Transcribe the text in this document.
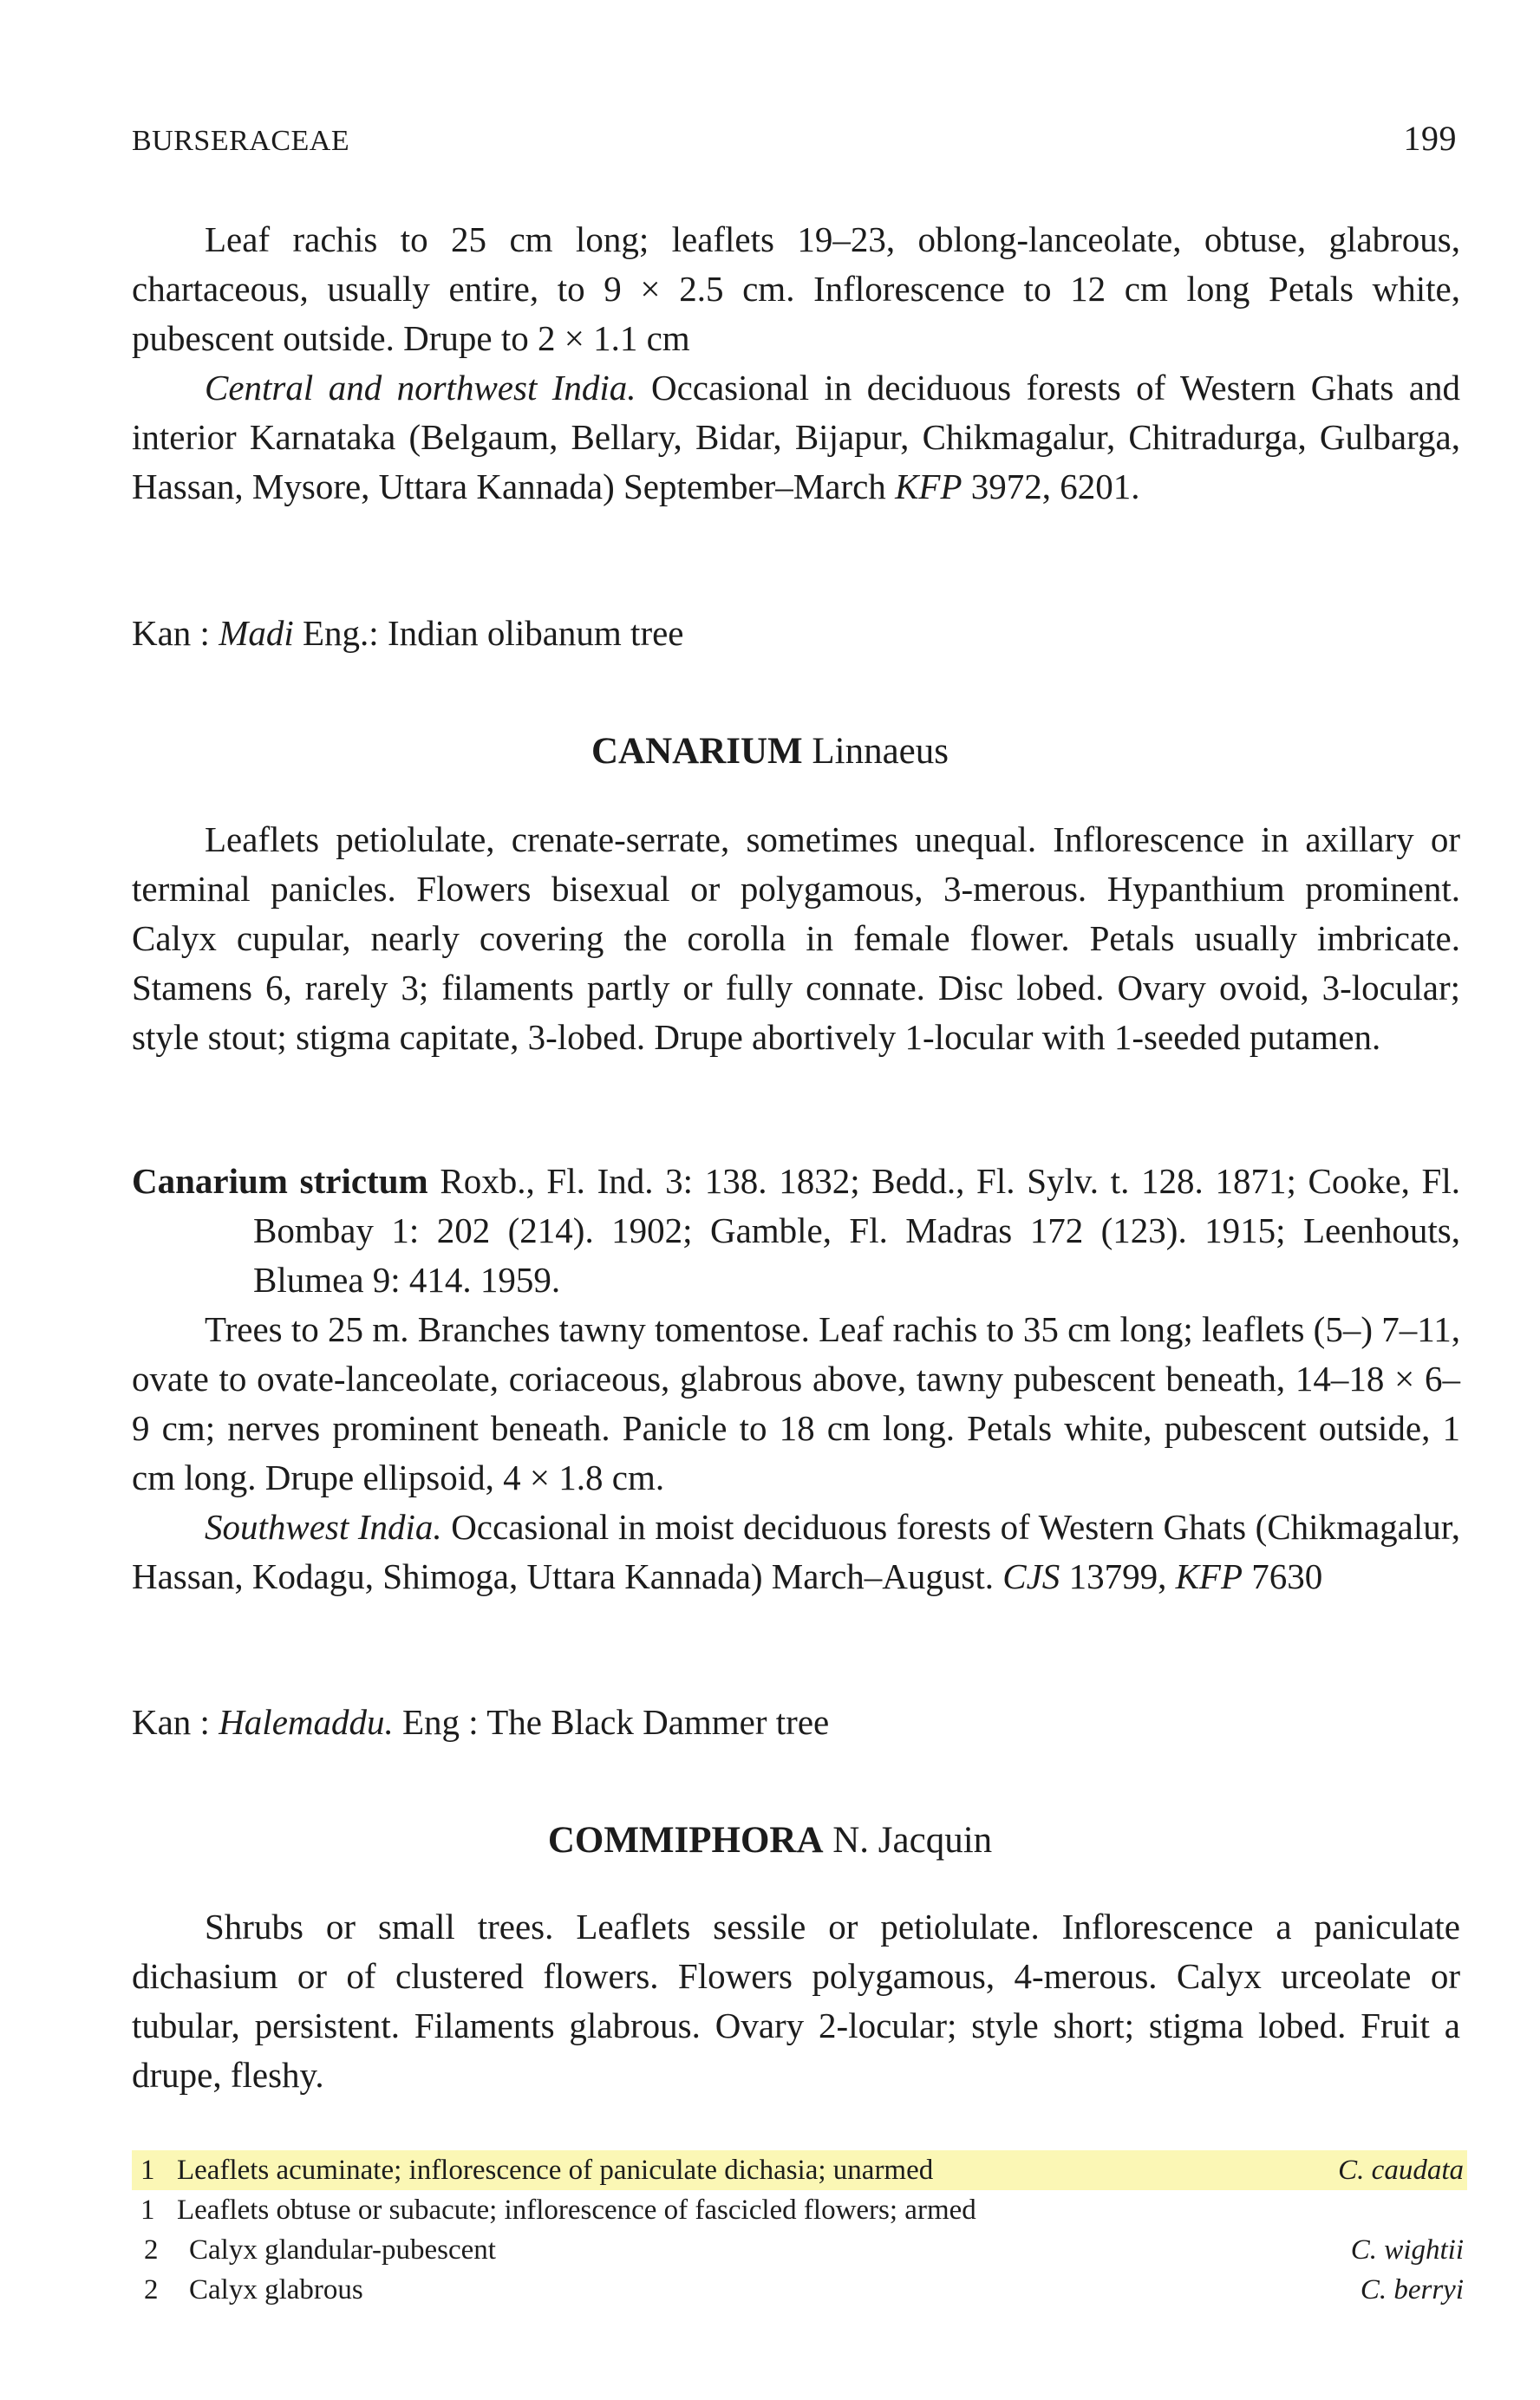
BURSERACEAE	199

Leaf rachis to 25 cm long; leaflets 19–23, oblong-lanceolate, obtuse, glabrous, chartaceous, usually entire, to 9 × 2.5 cm. Inflorescence to 12 cm long Petals white, pubescent outside. Drupe to 2 × 1.1 cm

Central and northwest India. Occasional in deciduous forests of Western Ghats and interior Karnataka (Belgaum, Bellary, Bidar, Bijapur, Chikmagalur, Chitradurga, Gulbarga, Hassan, Mysore, Uttara Kannada) September–March KFP 3972, 6201.

Kan : Madi Eng.: Indian olibanum tree
CANARIUM Linnaeus

Leaflets petiolulate, crenate-serrate, sometimes unequal. Inflorescence in axillary or terminal panicles. Flowers bisexual or polygamous, 3-merous. Hypanthium prominent. Calyx cupular, nearly covering the corolla in female flower. Petals usually imbricate. Stamens 6, rarely 3; filaments partly or fully connate. Disc lobed. Ovary ovoid, 3-locular; style stout; stigma capitate, 3-lobed. Drupe abortively 1-locular with 1-seeded putamen.

Canarium strictum Roxb., Fl. Ind. 3: 138. 1832; Bedd., Fl. Sylv. t. 128. 1871; Cooke, Fl. Bombay 1: 202 (214). 1902; Gamble, Fl. Madras 172 (123). 1915; Leenhouts, Blumea 9: 414. 1959.

Trees to 25 m. Branches tawny tomentose. Leaf rachis to 35 cm long; leaflets (5–) 7–11, ovate to ovate-lanceolate, coriaceous, glabrous above, tawny pubescent beneath, 14–18 × 6–9 cm; nerves prominent beneath. Panicle to 18 cm long. Petals white, pubescent outside, 1 cm long. Drupe ellipsoid, 4 × 1.8 cm.

Southwest India. Occasional in moist deciduous forests of Western Ghats (Chikmagalur, Hassan, Kodagu, Shimoga, Uttara Kannada) March–August. CJS 13799, KFP 7630

Kan : Halemaddu. Eng : The Black Dammer tree
COMMIPHORA N. Jacquin

Shrubs or small trees. Leaflets sessile or petiolulate. Inflorescence a paniculate dichasium or of clustered flowers. Flowers polygamous, 4-merous. Calyx urceolate or tubular, persistent. Filaments glabrous. Ovary 2-locular; style short; stigma lobed. Fruit a drupe, fleshy.

1 Leaflets acuminate; inflorescence of paniculate dichasia; unarmed	C. caudata
1 Leaflets obtuse or subacute; inflorescence of fascicled flowers; armed
2 Calyx glandular-pubescent	C. wightii
2 Calyx glabrous	C. berryi
